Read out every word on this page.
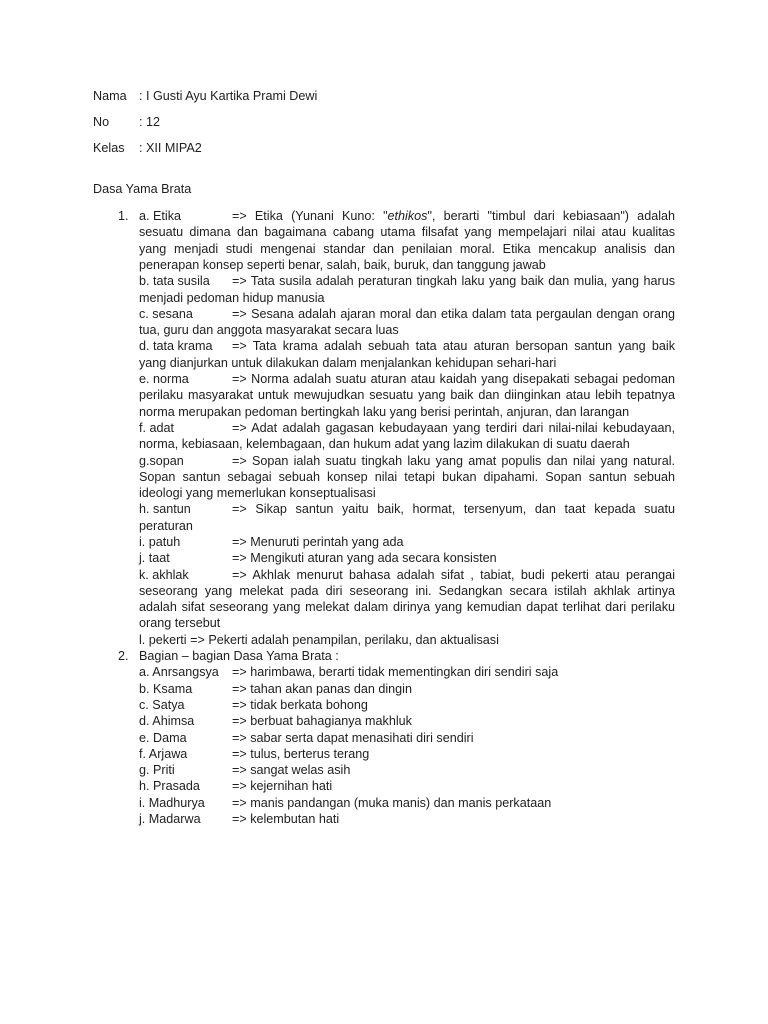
Nama : I Gusti Ayu Kartika Prami Dewi
No	: 12
Kelas	: XII MIPA2
Dasa Yama Brata
1. a. Etika	=> Etika (Yunani Kuno: "ethikos", berarti "timbul dari kebiasaan") adalah sesuatu dimana dan bagaimana cabang utama filsafat yang mempelajari nilai atau kualitas yang menjadi studi mengenai standar dan penilaian moral. Etika mencakup analisis dan penerapan konsep seperti benar, salah, baik, buruk, dan tanggung jawab

b. tata susila => Tata susila adalah peraturan tingkah laku yang baik dan mulia, yang harus menjadi pedoman hidup manusia

c. sesana	=> Sesana adalah ajaran moral dan etika dalam tata pergaulan dengan orang tua, guru dan anggota masyarakat secara luas

d. tata krama => Tata krama adalah sebuah tata atau aturan bersopan santun yang baik yang dianjurkan untuk dilakukan dalam menjalankan kehidupan sehari-hari

e. norma	=> Norma adalah suatu aturan atau kaidah yang disepakati sebagai pedoman perilaku masyarakat untuk mewujudkan sesuatu yang baik dan diinginkan atau lebih tepatnya norma merupakan pedoman bertingkah laku yang berisi perintah, anjuran, dan larangan

f. adat	=> Adat adalah gagasan kebudayaan yang terdiri dari nilai-nilai kebudayaan, norma, kebiasaan, kelembagaan, dan hukum adat yang lazim dilakukan di suatu daerah

g.sopan	=> Sopan ialah suatu tingkah laku yang amat populis dan nilai yang natural. Sopan santun sebagai sebuah konsep nilai tetapi bukan dipahami. Sopan santun sebuah ideologi yang memerlukan konseptualisasi

h. santun	=> Sikap santun yaitu baik, hormat, tersenyum, dan taat kepada suatu peraturan

i. patuh	=> Menuruti perintah yang ada

j. taat	=> Mengikuti aturan yang ada secara konsisten

k. akhlak	=> Akhlak menurut bahasa adalah sifat , tabiat, budi pekerti atau perangai seseorang yang melekat pada diri seseorang ini. Sedangkan secara istilah akhlak artinya adalah sifat seseorang yang melekat dalam dirinya yang kemudian dapat terlihat dari perilaku orang tersebut

l. pekerti => Pekerti adalah penampilan, perilaku, dan aktualisasi

2. Bagian – bagian Dasa Yama Brata :

a. Anrsangsya => harimbawa, berarti tidak mementingkan diri sendiri saja

b. Ksama	=> tahan akan panas dan dingin

c. Satya	=> tidak berkata bohong

d. Ahimsa	=> berbuat bahagianya makhluk

e. Dama	=> sabar serta dapat menasihati diri sendiri

f. Arjawa	=> tulus, berterus terang

g. Priti	=> sangat welas asih

h. Prasada	=> kejernihan hati

i. Madhurya => manis pandangan (muka manis) dan manis perkataan

j. Madarwa => kelembutan hati
